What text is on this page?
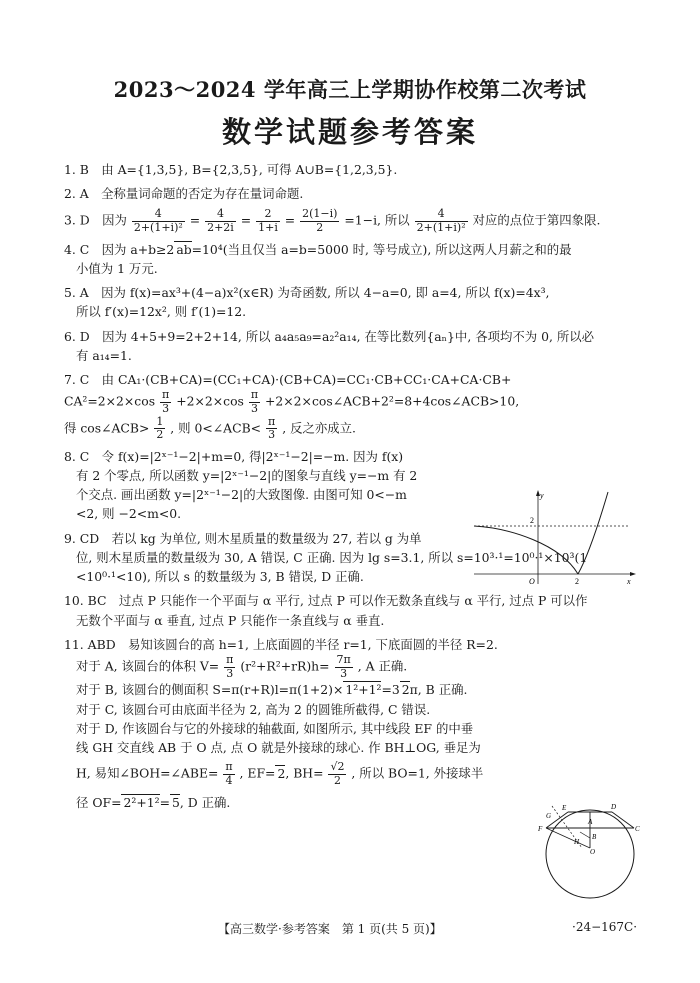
2023～2024 学年高三上学期协作校第二次考试
数学试题参考答案

1. B　由 A={1,3,5}, B={2,3,5}, 可得 A∪B={1,2,3,5}.

2. A　全称量词命题的否定为存在量词命题.

3. D　因为 $\frac{4}{\text{2+(1+i)²}} = \frac{4}{2+2i} = \frac{2}{1+i} = \frac{2(1-i)}{2} =1-i$, 所以 $\frac{4}{\text{2+(1+i)²}}$ 对应的点位于第四象限.

4. C　因为 a+b≥2 ab=10⁴(当且仅当 a=b=5000 时, 等号成立), 所以这两人月薪之和的最

小值为 1 万元.

5. A　因为 f(x)=ax³+(4−a)x²(x∈R) 为奇函数, 所以 4−a=0, 即 a=4, 所以 f(x)=4x³,

所以 f′(x)=12x², 则 f′(1)=12.

6. D　因为 4+5+9=2+2+14, 所以 a₄a₅a₉=a₂²a₁₄, 在等比数列{aₙ}中, 各项均不为 0, 所以必

有 a₁₄=1.

7. C　由 CA₁·(CB+CA)=(CC₁+CA)·(CB+CA)=CC₁·CB+CC₁·CA+CA·CB+

$CA^2=2\times 2\times\cos \frac{\pi}{3} +2\times 2\times\cos \frac{\pi}{3}$ +2×2×cos∠ACB+2²=8+4cos∠ACB>10,

得 cos∠ACB> $\frac{1}{2}$ , 则 0<∠ACB< $\frac{\pi}{3}$ , 反之亦成立.

8. C　令 f(x)=|2ˣ⁻¹−2|+m=0, 得|2ˣ⁻¹−2|=−m. 因为 f(x)

有 2 个零点, 所以函数 y=|2ˣ⁻¹−2|的图象与直线 y=−m 有 2

个交点. 画出函数 y=|2ˣ⁻¹−2|的大致图像. 由图可知 0<−m

<2, 则 −2<m<0.

9. CD　若以 kg 为单位, 则木星质量的数量级为 27, 若以 g 为单

位, 则木星质量的数量级为 30, A 错误, C 正确. 因为 lg s=3.1, 所以 s=10³·¹=10⁰·¹×10³(1

<10⁰·¹<10), 所以 s 的数量级为 3, B 错误, D 正确.

10. BC　过点 P 只能作一个平面与 α 平行, 过点 P 可以作无数条直线与 α 平行, 过点 P 可以作

无数个平面与 α 垂直, 过点 P 只能作一条直线与 α 垂直.

11. ABD　易知该圆台的高 h=1, 上底面圆的半径 r=1, 下底面圆的半径 R=2.

对于 A, 该圆台的体积 $V= \frac{\pi}{3} (r^2+R^2+rR)h= \frac{7\pi}{3}$ , A 正确.

对于 B, 该圆台的侧面积 S=π(r+R)l=π(1+2)× 1²+1²=3 2π, B 正确.

对于 C, 该圆台可由底面半径为 2, 高为 2 的圆锥所截得, C 错误.

对于 D, 作该圆台与它的外接球的轴截面, 如图所示, 其中线段 EF 的中垂

线 GH 交直线 AB 于 O 点, 点 O 就是外接球的球心. 作 BH⊥OG, 垂足为

H, 易知∠BOH=∠ABE= $\frac{\pi}{4}$ , EF= 2, $BH= \frac{√2}{2}$ , 所以 BO=1, 外接球半

径 OF= 2²+1²= 5, D 正确.

y
x
O
2
2
E	D
G
A
F	C
B
H
O
【高三数学·参考答案　第 1 页(共 5 页)】	·24−167C·
